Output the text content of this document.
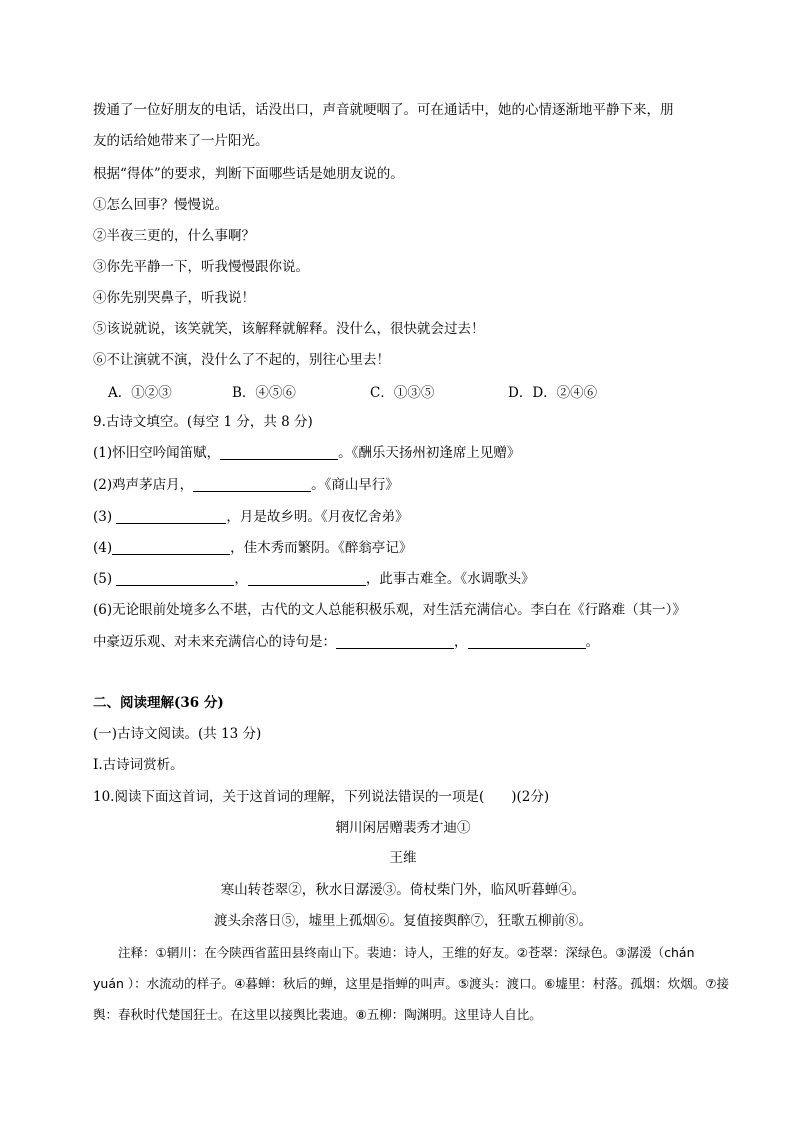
拨通了一位好朋友的电话，话没出口，声音就哽咽了。可在通话中，她的心情逐渐地平静下来，朋
友的话给她带来了一片阳光。
根据“得体”的要求，判断下面哪些话是她朋友说的。
①怎么回事？慢慢说。
②半夜三更的，什么事啊？
③你先平静一下，听我慢慢跟你说。
④你先别哭鼻子，听我说！
⑤该说就说，该笑就笑，该解释就解释。没什么，很快就会过去！
⑥不让演就不演，没什么了不起的，别往心里去！
A．①②③	B．④⑤⑥	C．①③⑤	D．D．②④⑥
9.古诗文填空。(每空 1 分，共 8 分)
(1)怀旧空吟闻笛赋，	。《酬乐天扬州初逢席上见赠》
(2)鸡声茅店月，	。《商山早行》
(3)	，月是故乡明。《月夜忆舍弟》
(4)	，佳木秀而繁阴。《醉翁亭记》
(5)	，	，此事古难全。《水调歌头》
(6)无论眼前处境多么不堪，古代的文人总能积极乐观，对生活充满信心。李白在《行路难（其一）》
中豪迈乐观、对未来充满信心的诗句是：	，	。
二、阅读理解(36 分)
(一)古诗文阅读。(共 13 分)
I.古诗词赏析。
10.阅读下面这首词，关于这首词的理解，下列说法错误的一项是(　　)(2分)
辋川闲居赠裴秀才迪①
王维
寒山转苍翠②，秋水日潺湲③。倚杖柴门外，临风听暮蝉④。
渡头余落日⑤，墟里上孤烟⑥。复值接舆醉⑦，狂歌五柳前⑧。
注释：①辋川：在今陕西省蓝田县终南山下。裴迪：诗人，王维的好友。②苍翠：深绿色。③潺湲（chán
yuán ）：水流动的样子。④暮蝉：秋后的蝉，这里是指蝉的叫声。⑤渡头：渡口。⑥墟里：村落。孤烟：炊烟。⑦接
舆：春秋时代楚国狂士。在这里以接舆比裴迪。⑧五柳：陶渊明。这里诗人自比。
